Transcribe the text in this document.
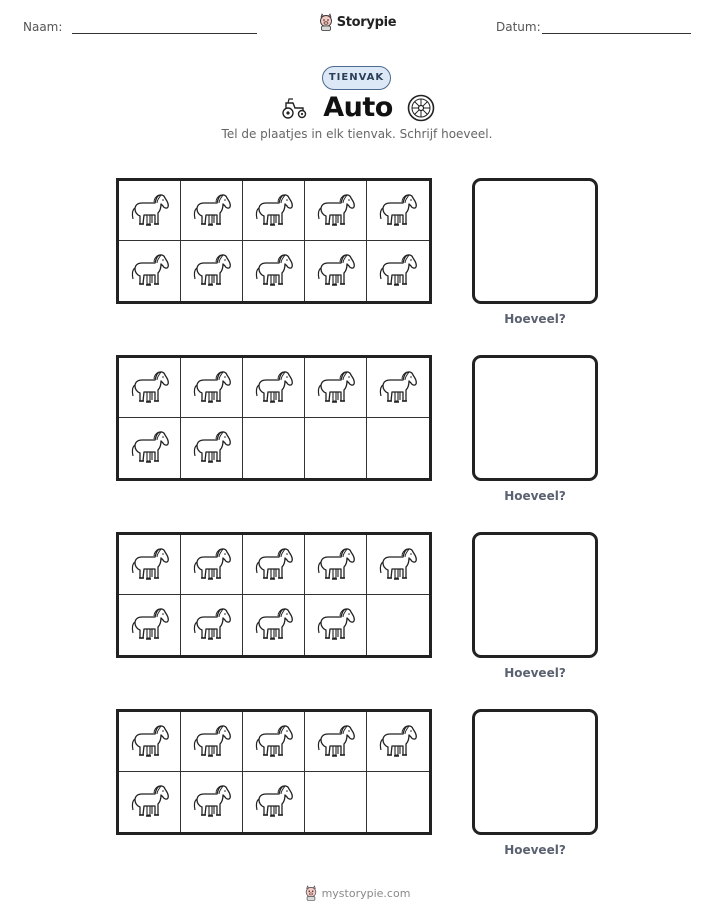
Naam:	Storypie	Datum:
TIENVAK
Auto
Tel de plaatjes in elk tienvak. Schrijf hoeveel.
Hoeveel?
Hoeveel?
Hoeveel?
Hoeveel?
mystorypie.com
